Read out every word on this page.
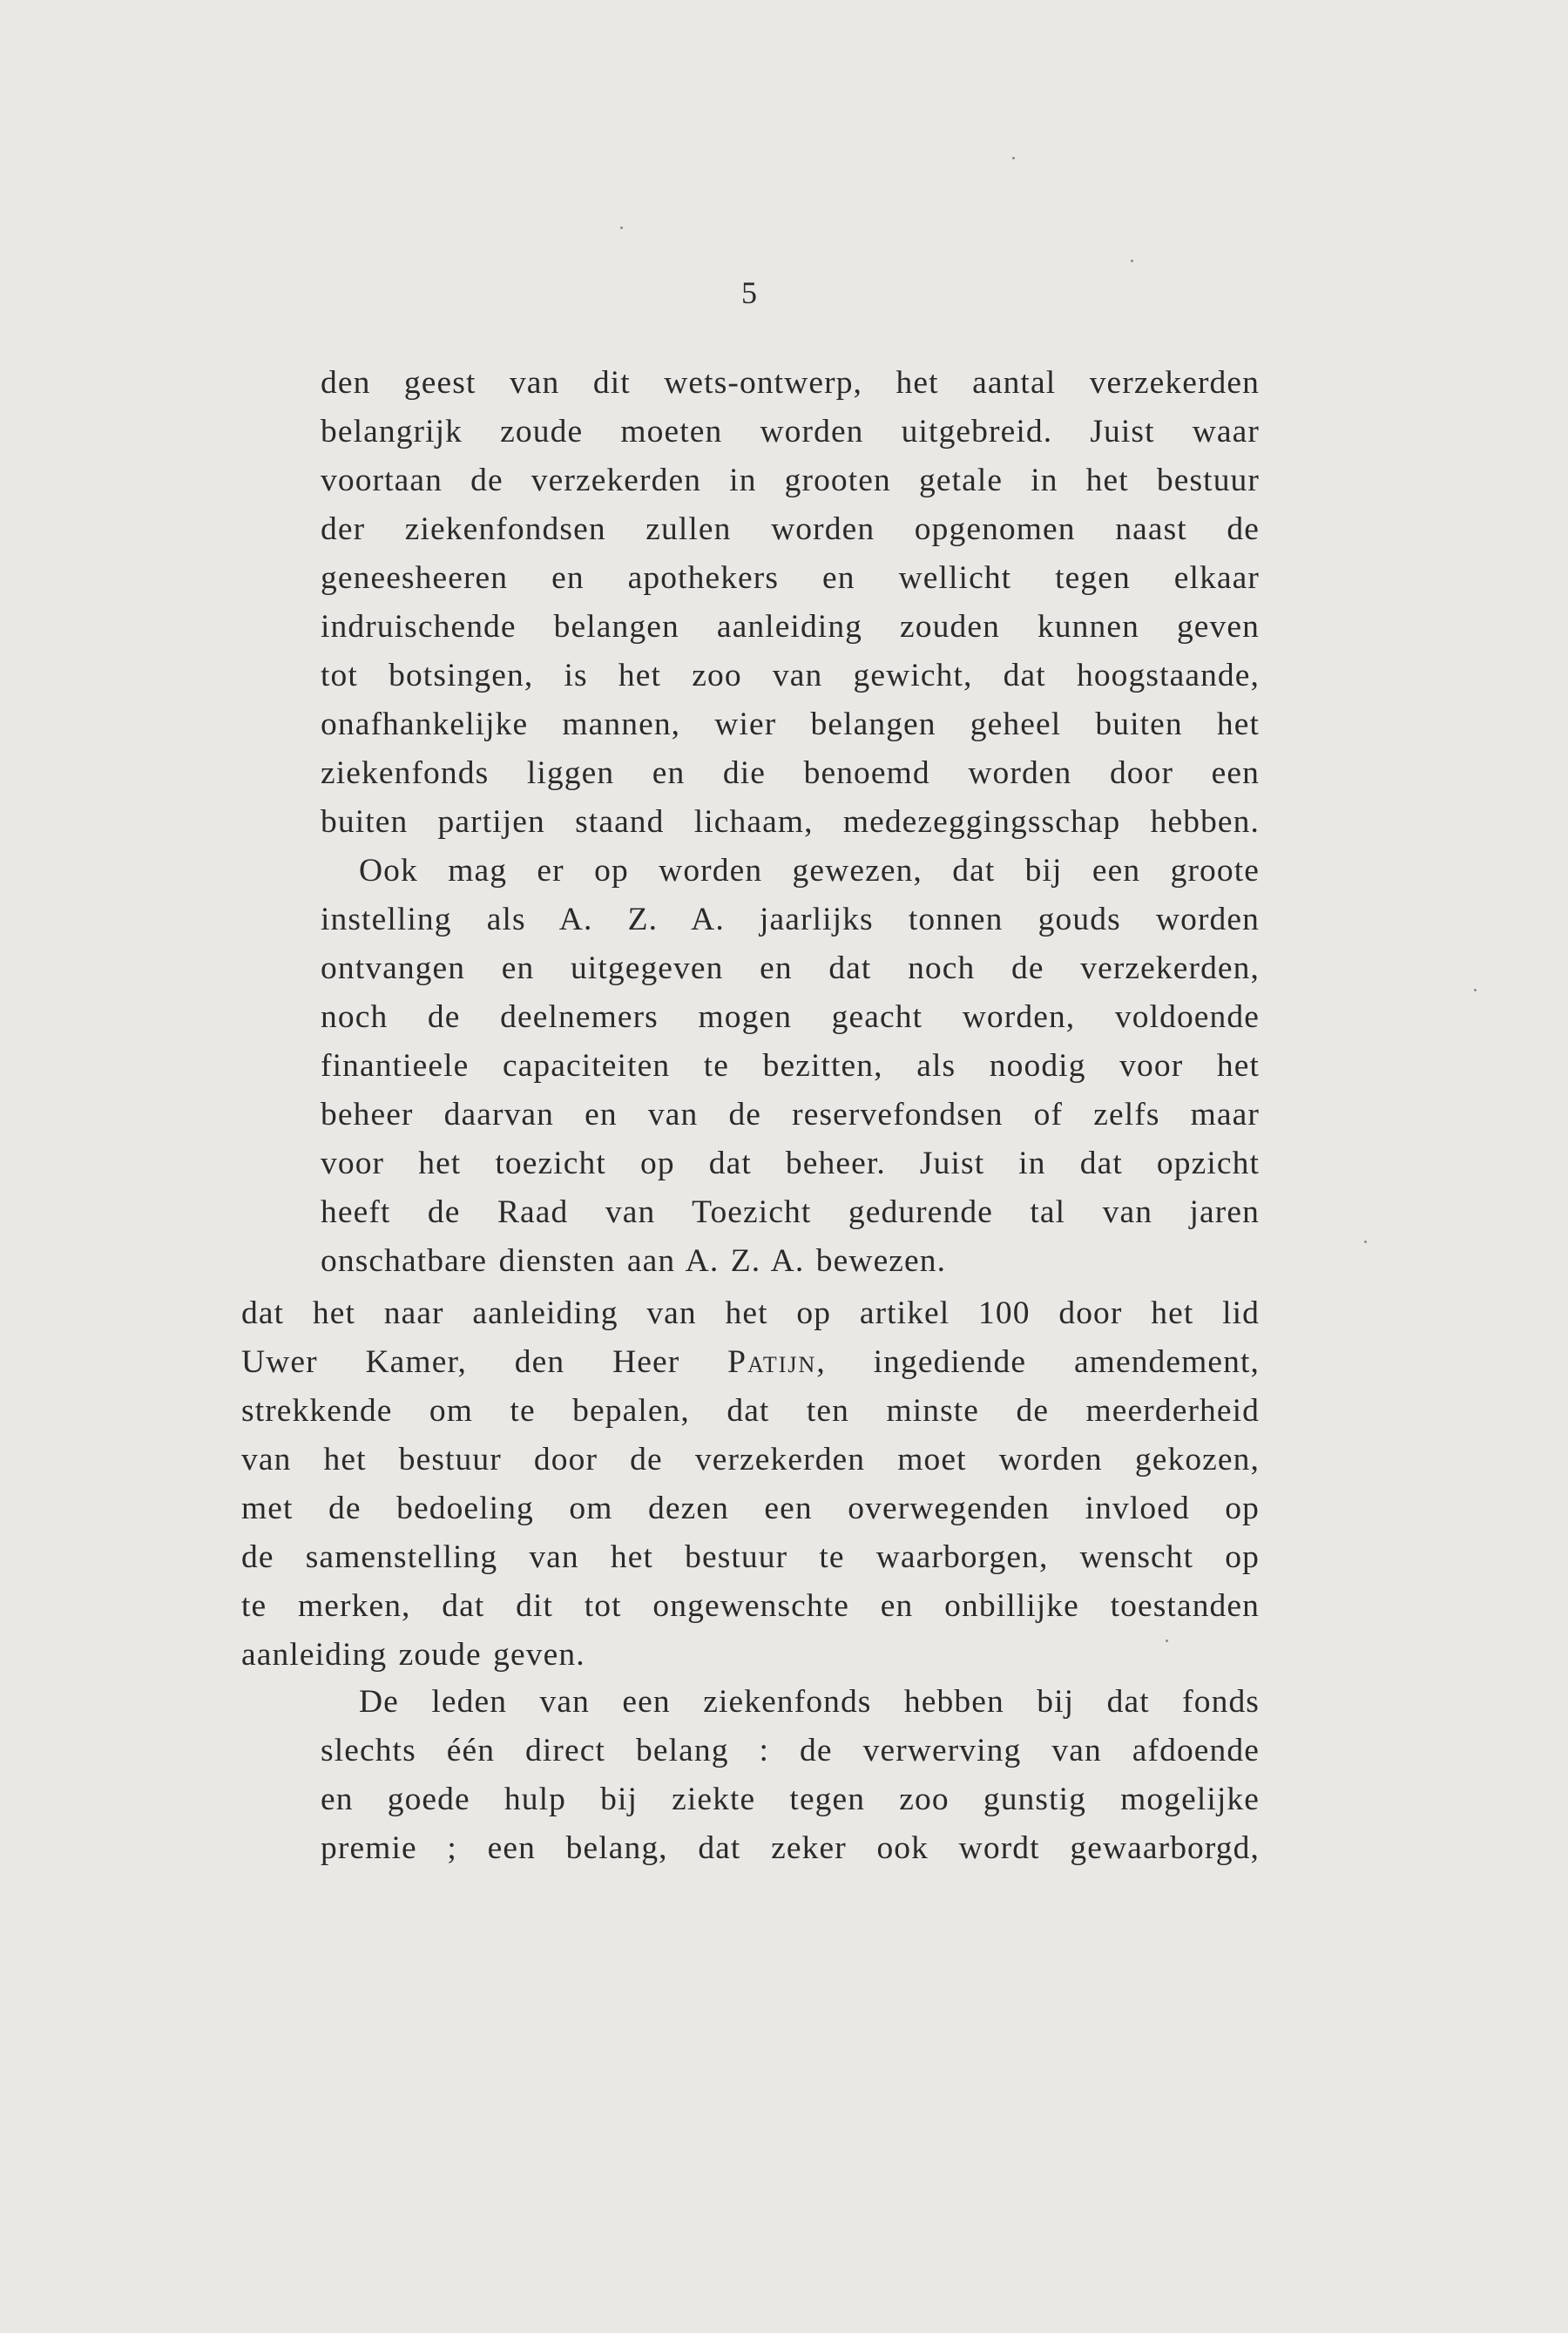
5
den geest van dit wets-ontwerp, het aantal verzekerden
belangrijk zoude moeten worden uitgebreid. Juist waar
voortaan de verzekerden in grooten getale in het bestuur
der ziekenfondsen zullen worden opgenomen naast de
geneesheeren en apothekers en wellicht tegen elkaar
indruischende belangen aanleiding zouden kunnen geven
tot botsingen, is het zoo van gewicht, dat hoogstaande,
onafhankelijke mannen, wier belangen geheel buiten het
ziekenfonds liggen en die benoemd worden door een
buiten partijen staand lichaam, medezeggingsschap hebben.
Ook mag er op worden gewezen, dat bij een groote
instelling als A. Z. A. jaarlijks tonnen gouds worden
ontvangen en uitgegeven en dat noch de verzekerden,
noch de deelnemers mogen geacht worden, voldoende
finantieele capaciteiten te bezitten, als noodig voor het
beheer daarvan en van de reservefondsen of zelfs maar
voor het toezicht op dat beheer. Juist in dat opzicht
heeft de Raad van Toezicht gedurende tal van jaren
onschatbare diensten aan A. Z. A. bewezen.
dat het naar aanleiding van het op artikel 100 door het lid
Uwer Kamer, den Heer Patijn, ingediende amendement,
strekkende om te bepalen, dat ten minste de meerderheid
van het bestuur door de verzekerden moet worden gekozen,
met de bedoeling om dezen een overwegenden invloed op
de samenstelling van het bestuur te waarborgen, wenscht op
te merken, dat dit tot ongewenschte en onbillijke toestanden
aanleiding zoude geven.
De leden van een ziekenfonds hebben bij dat fonds
slechts één direct belang : de verwerving van afdoende
en goede hulp bij ziekte tegen zoo gunstig mogelijke
premie ; een belang, dat zeker ook wordt gewaarborgd,
